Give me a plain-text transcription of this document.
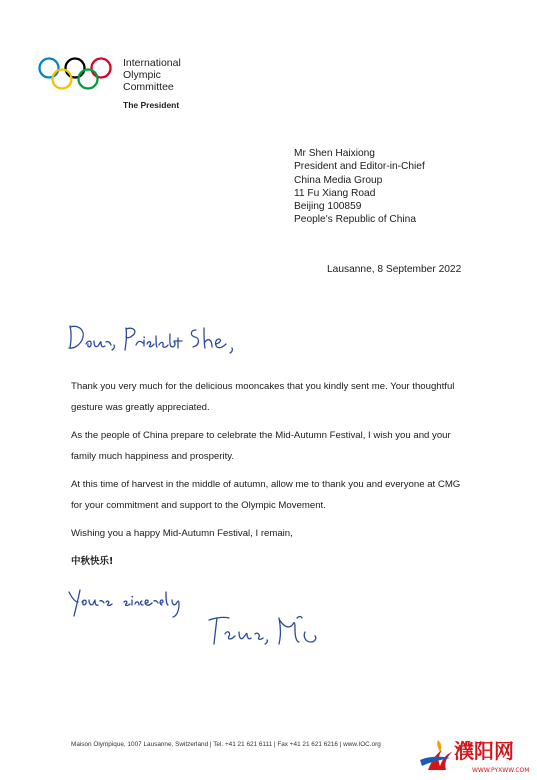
International
Olympic
Committee
The President
Mr Shen Haixiong
President and Editor-in-Chief
China Media Group
11 Fu Xiang Road
Beijing 100859
People's Republic of China
Lausanne, 8 September 2022

Thank you very much for the delicious mooncakes that you kindly sent me. Your thoughtful gesture was greatly appreciated.

As the people of China prepare to celebrate the Mid-Autumn Festival, I wish you and your family much happiness and prosperity.

At this time of harvest in the middle of autumn, allow me to thank you and everyone at CMG for your commitment and support to the Olympic Movement.

Wishing you a happy Mid-Autumn Festival, I remain,

中秋快乐!

Maison Olympique, 1007 Lausanne, Switzerland | Tel. +41 21 621 6111 | Fax +41 21 621 6216 | www.IOC.org	濮阳网
WWW.PYXWW.COM
